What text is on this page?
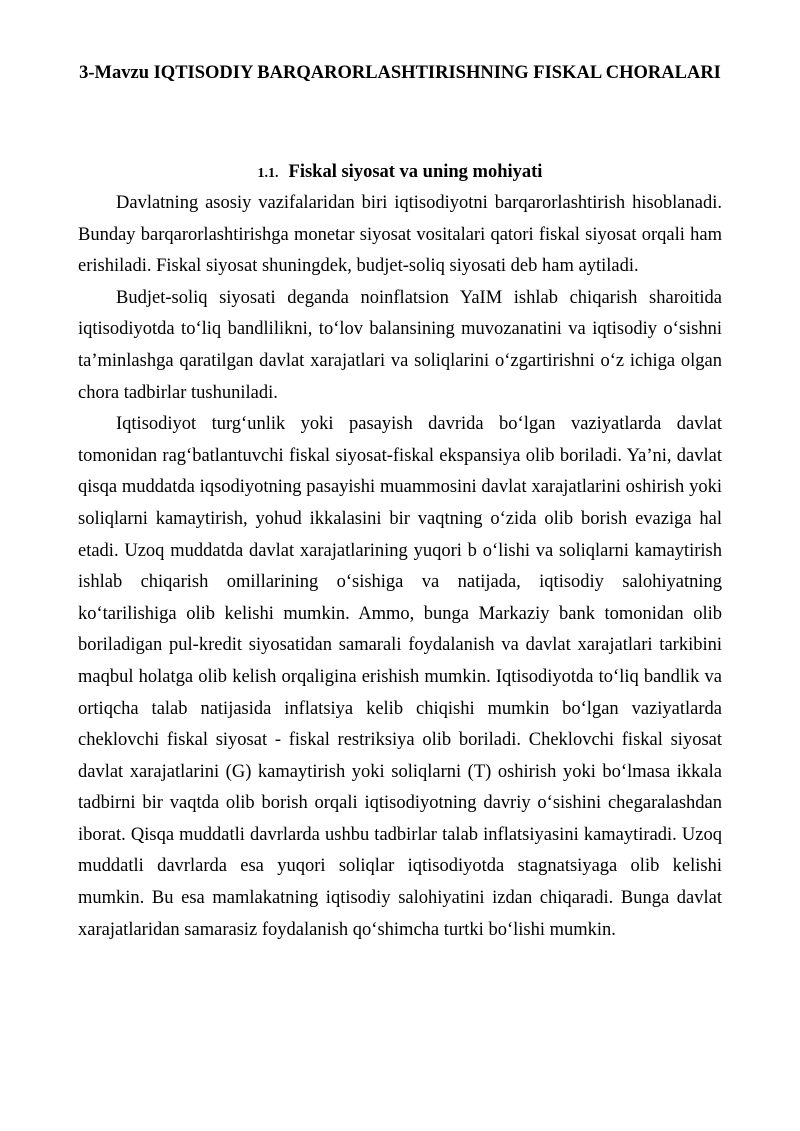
3-Mavzu IQTISODIY BARQARORLASHTIRISHNING FISKAL CHORALARI
1.1. Fiskal siyosat va uning mohiyati

Davlatning asosiy vazifalaridan biri iqtisodiyotni barqarorlashtirish hisoblanadi. Bunday barqarorlashtirishga monetar siyosat vositalari qatori fiskal siyosat orqali ham erishiladi. Fiskal siyosat shuningdek, budjet-soliq siyosati deb ham aytiladi.

Budjet-soliq siyosati deganda noinflatsion YaIM ishlab chiqarish sharoitida iqtisodiyotda to‘liq bandlilikni, to‘lov balansining muvozanatini va iqtisodiy o‘sishni ta’minlashga qaratilgan davlat xarajatlari va soliqlarini o‘zgartirishni o‘z ichiga olgan chora tadbirlar tushuniladi.

Iqtisodiyot turg‘unlik yoki pasayish davrida bo‘lgan vaziyatlarda davlat tomonidan rag‘batlantuvchi fiskal siyosat-fiskal ekspansiya olib boriladi. Ya’ni, davlat qisqa muddatda iqsodiyotning pasayishi muammosini davlat xarajatlarini oshirish yoki soliqlarni kamaytirish, yohud ikkalasini bir vaqtning o‘zida olib borish evaziga hal etadi. Uzoq muddatda davlat xarajatlarining yuqori b o‘lishi va soliqlarni kamaytirish ishlab chiqarish omillarining o‘sishiga va natijada, iqtisodiy salohiyatning ko‘tarilishiga olib kelishi mumkin. Ammo, bunga Markaziy bank tomonidan olib boriladigan pul-kredit siyosatidan samarali foydalanish va davlat xarajatlari tarkibini maqbul holatga olib kelish orqaligina erishish mumkin. Iqtisodiyotda to‘liq bandlik va ortiqcha talab natijasida inflatsiya kelib chiqishi mumkin bo‘lgan vaziyatlarda cheklovchi fiskal siyosat - fiskal restriksiya olib boriladi. Cheklovchi fiskal siyosat davlat xarajatlarini (G) kamaytirish yoki soliqlarni (T) oshirish yoki bo‘lmasa ikkala tadbirni bir vaqtda olib borish orqali iqtisodiyotning davriy o‘sishini chegaralashdan iborat. Qisqa muddatli davrlarda ushbu tadbirlar talab inflatsiyasini kamaytiradi. Uzoq muddatli davrlarda esa yuqori soliqlar iqtisodiyotda stagnatsiyaga olib kelishi mumkin. Bu esa mamlakatning iqtisodiy salohiyatini izdan chiqaradi. Bunga davlat xarajatlaridan samarasiz foydalanish qo‘shimcha turtki bo‘lishi mumkin.
